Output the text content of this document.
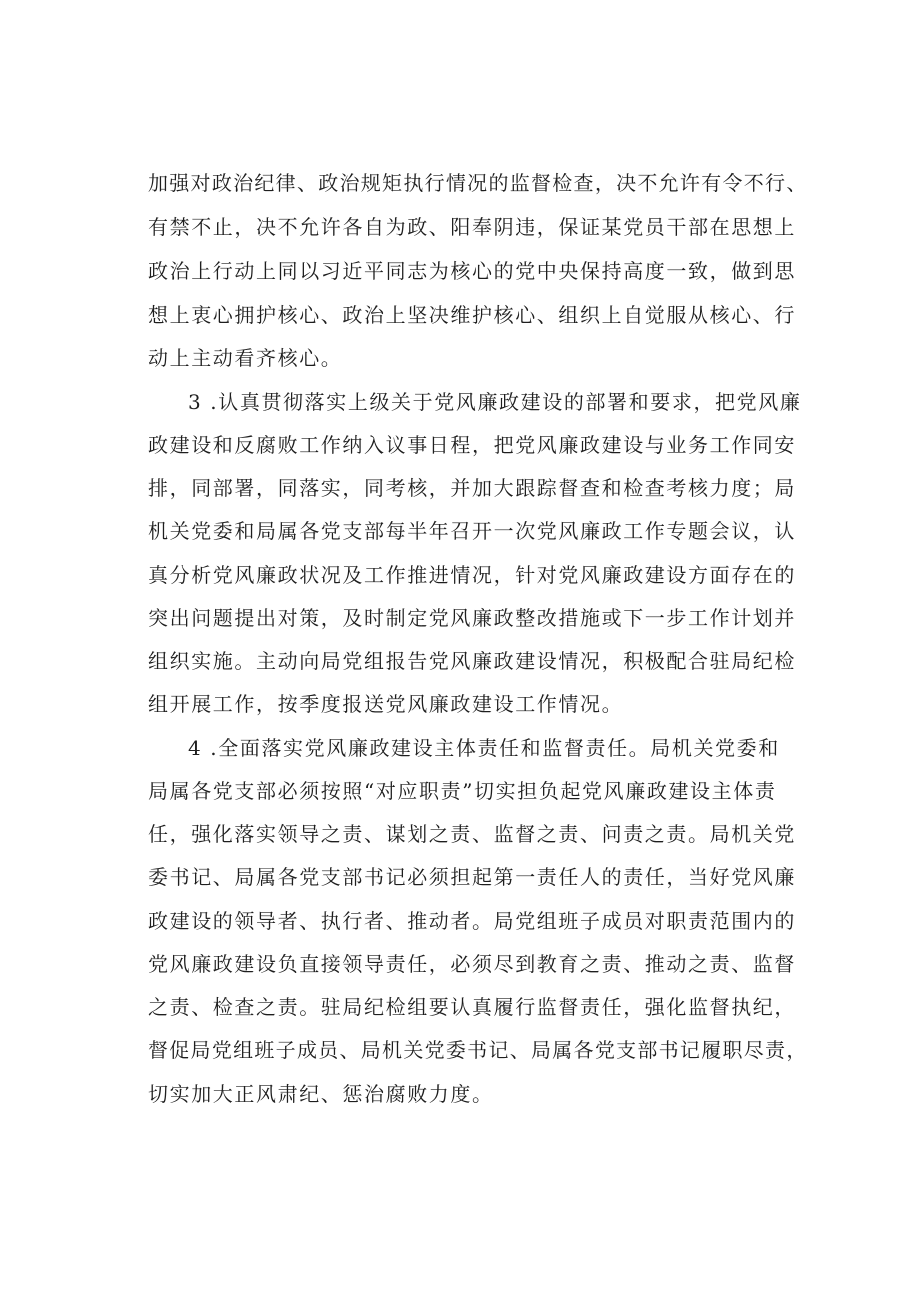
加强对政治纪律、政治规矩执行情况的监督检查，决不允许有令不行、
有禁不止，决不允许各自为政、阳奉阴违，保证某党员干部在思想上
政治上行动上同以习近平同志为核心的党中央保持高度一致，做到思
想上衷心拥护核心、政治上坚决维护核心、组织上自觉服从核心、行
动上主动看齐核心。
3 .认真贯彻落实上级关于党风廉政建设的部署和要求，把党风廉
政建设和反腐败工作纳入议事日程，把党风廉政建设与业务工作同安
排，同部署，同落实，同考核，并加大跟踪督查和检查考核力度；局
机关党委和局属各党支部每半年召开一次党风廉政工作专题会议，认
真分析党风廉政状况及工作推进情况，针对党风廉政建设方面存在的
突出问题提出对策，及时制定党风廉政整改措施或下一步工作计划并
组织实施。主动向局党组报告党风廉政建设情况，积极配合驻局纪检
组开展工作，按季度报送党风廉政建设工作情况。
4 .全面落实党风廉政建设主体责任和监督责任。局机关党委和
局属各党支部必须按照“对应职责”切实担负起党风廉政建设主体责
任，强化落实领导之责、谋划之责、监督之责、问责之责。局机关党
委书记、局属各党支部书记必须担起第一责任人的责任，当好党风廉
政建设的领导者、执行者、推动者。局党组班子成员对职责范围内的
党风廉政建设负直接领导责任，必须尽到教育之责、推动之责、监督
之责、检查之责。驻局纪检组要认真履行监督责任，强化监督执纪，
督促局党组班子成员、局机关党委书记、局属各党支部书记履职尽责，
切实加大正风肃纪、惩治腐败力度。
